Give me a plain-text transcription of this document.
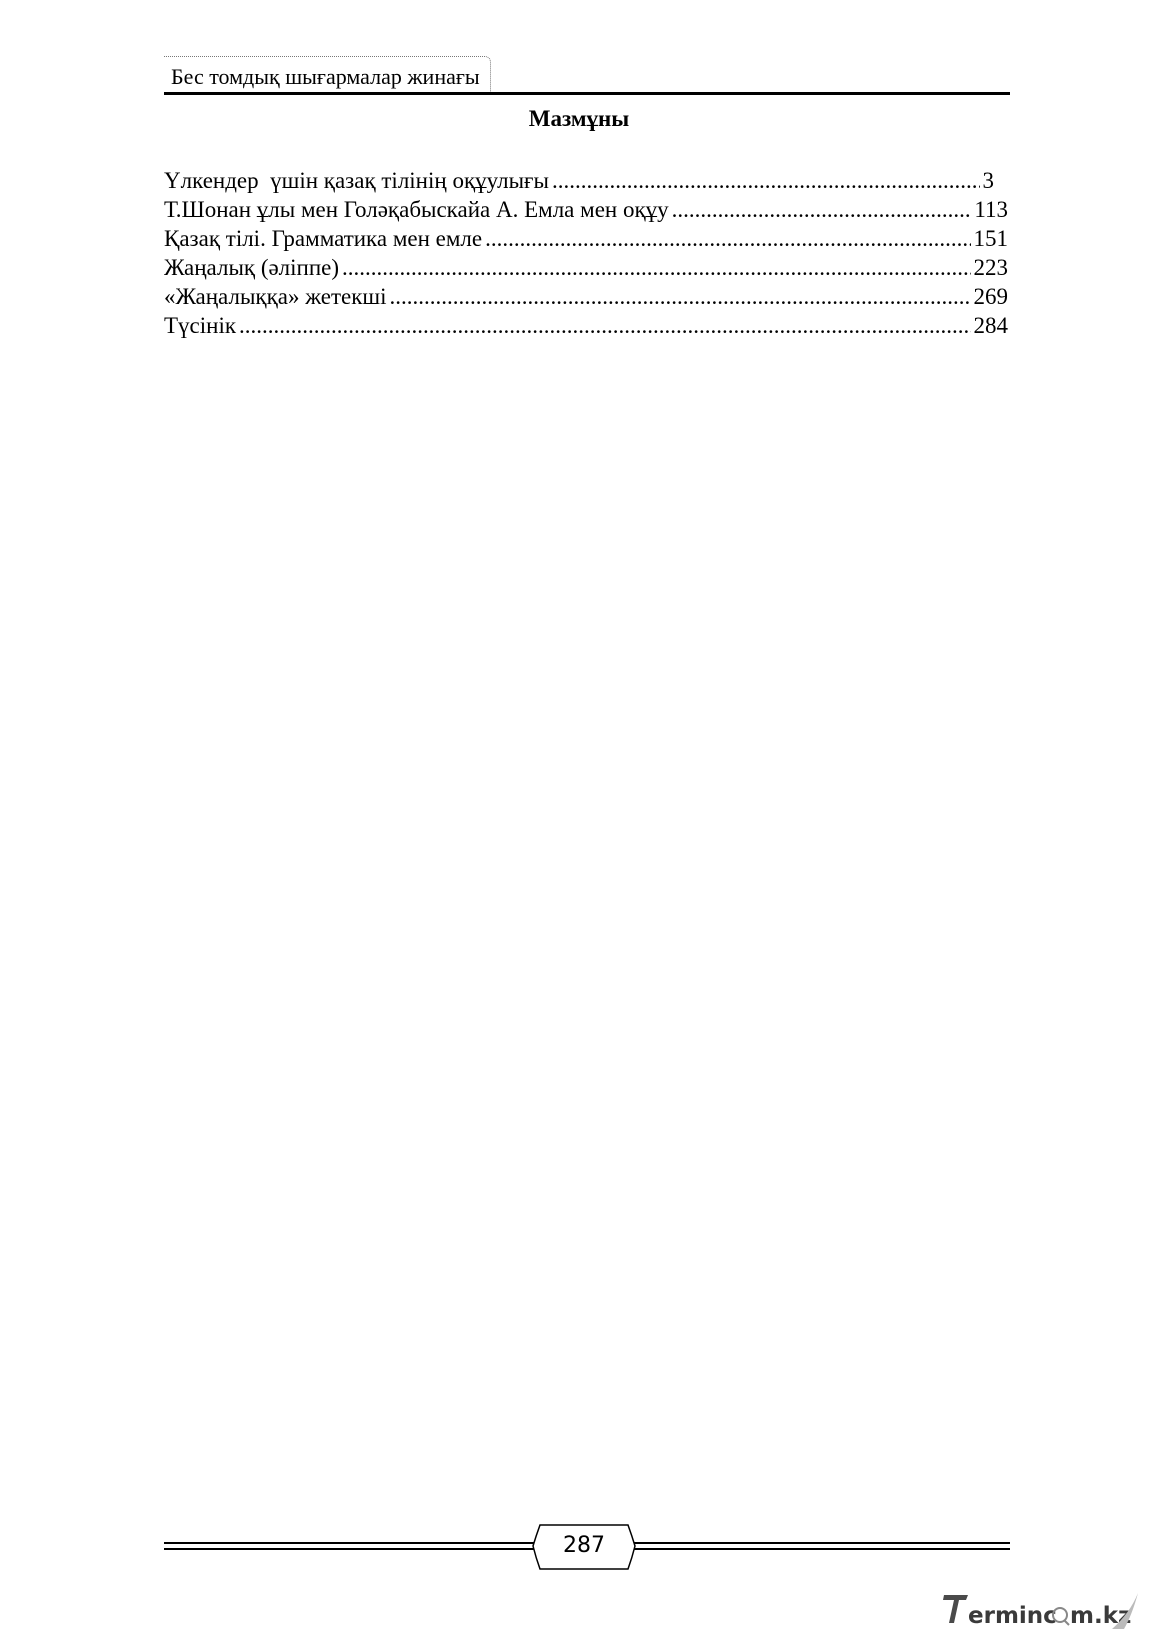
Бес томдық шығармалар жинағы
Мазмұны
Үлкендер  үшін қазақ тілінің оқұулығы .....	3
Т.Шонан ұлы мен Голәқабыскайа А. Емла мен оқұу .....	113
Қазақ тілі. Грамматика мен емле .....	151
Жаңалық (әліппе) .....	223
«Жаңалыққа» жетекші .....	269
Түсінік .....	284
287
erminc m.kz
